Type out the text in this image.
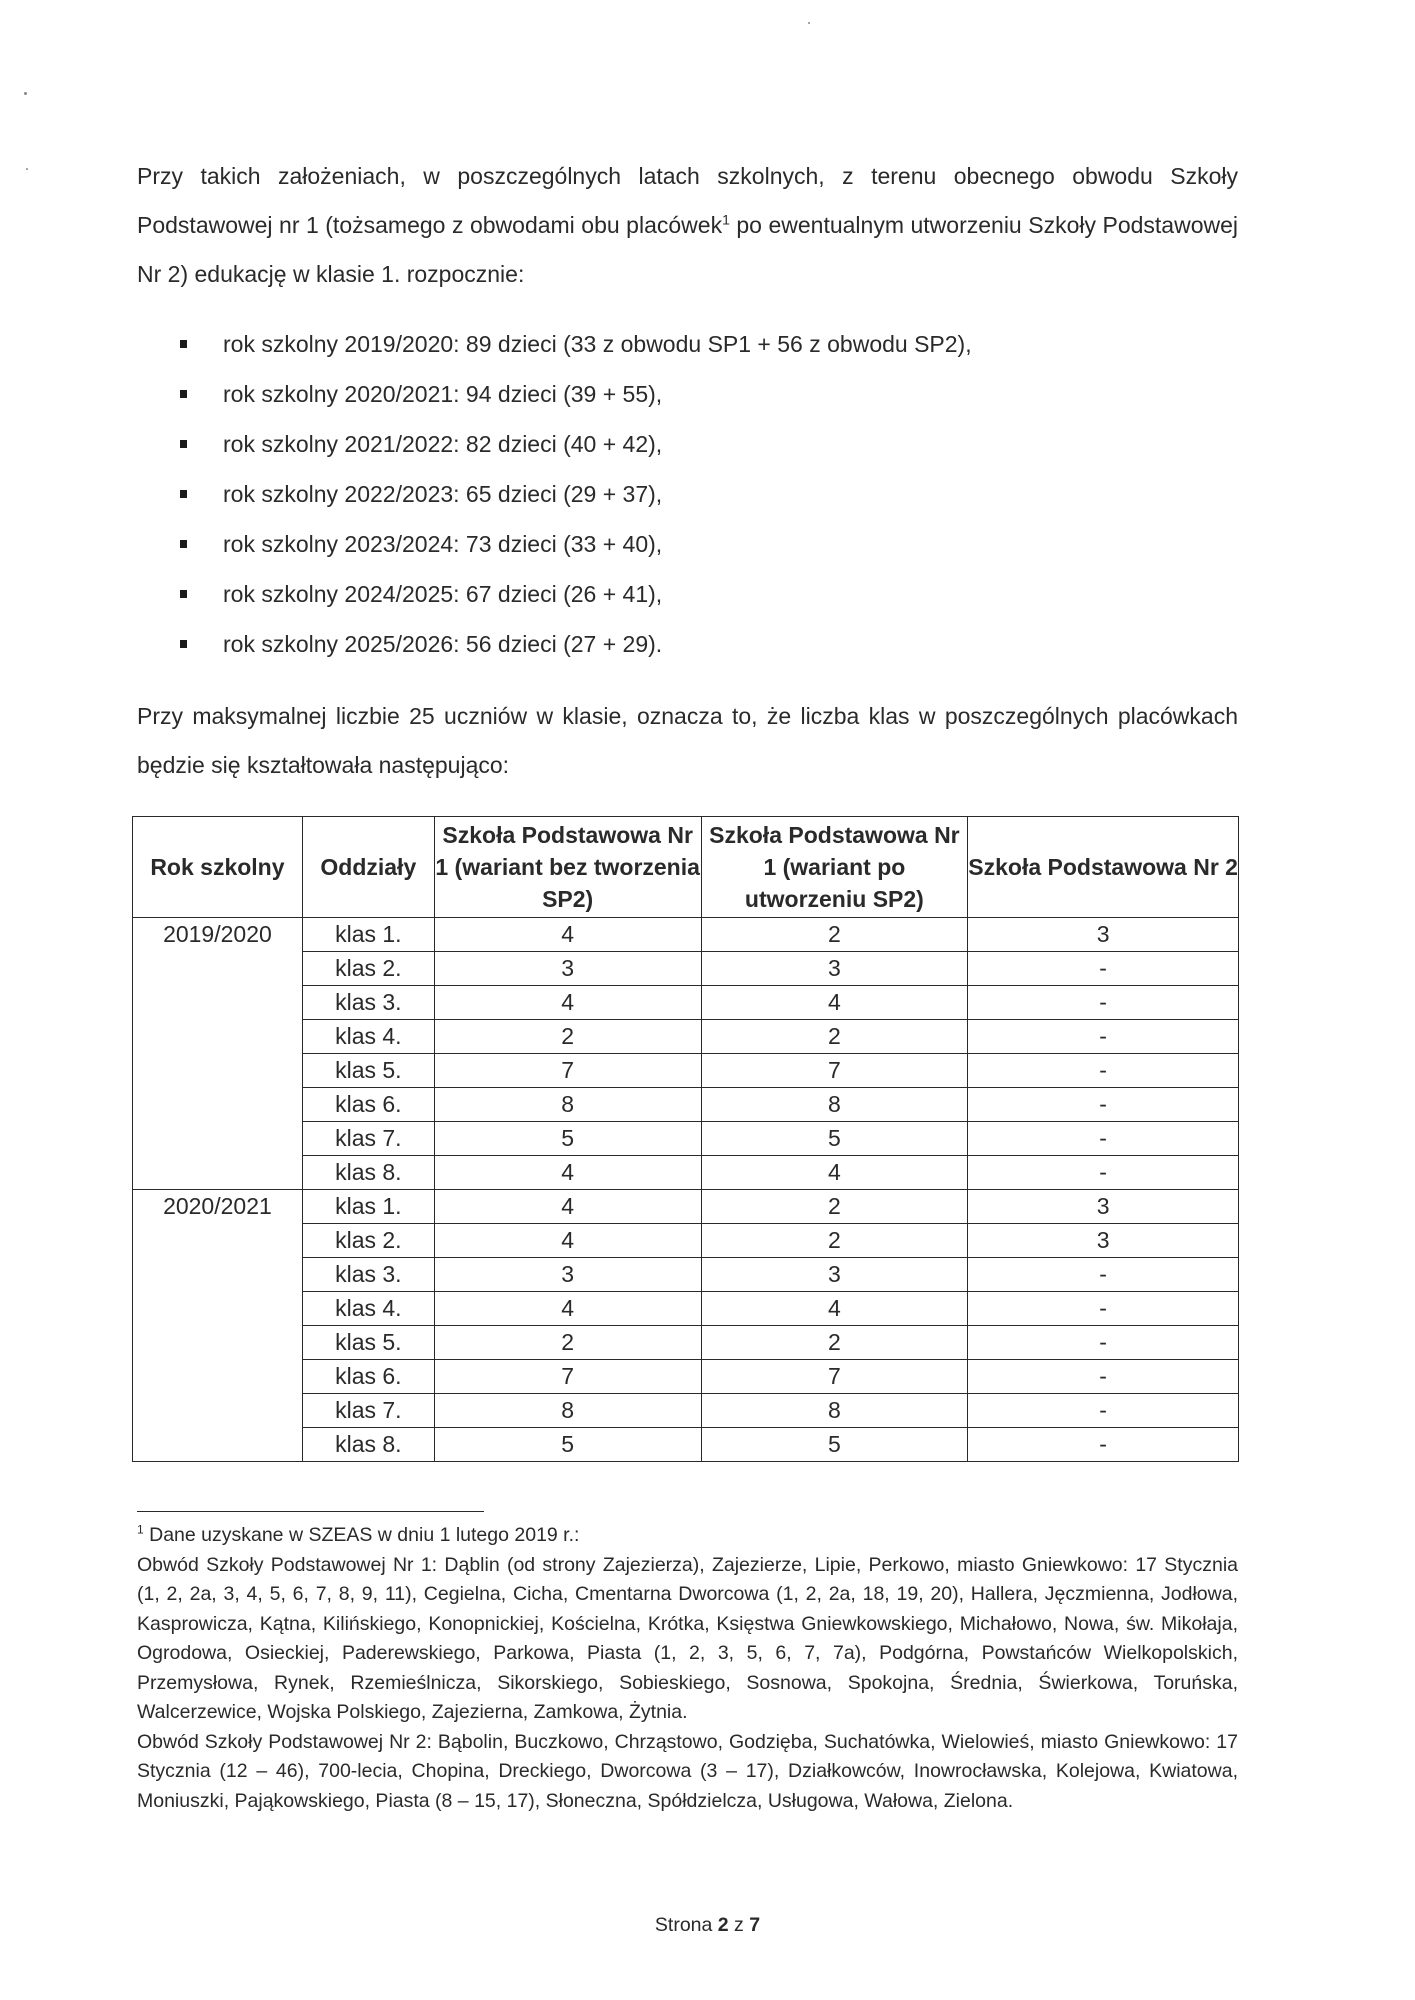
Przy takich założeniach, w poszczególnych latach szkolnych, z terenu obecnego obwodu Szkoły Podstawowej nr 1 (tożsamego z obwodami obu placówek$^1$ po ewentualnym utworzeniu Szkoły Podstawowej Nr 2) edukację w klasie 1. rozpocznie:

rok szkolny 2019/2020: 89 dzieci (33 z obwodu SP1 + 56 z obwodu SP2),
rok szkolny 2020/2021: 94 dzieci (39 + 55),
rok szkolny 2021/2022: 82 dzieci (40 + 42),
rok szkolny 2022/2023: 65 dzieci (29 + 37),
rok szkolny 2023/2024: 73 dzieci (33 + 40),
rok szkolny 2024/2025: 67 dzieci (26 + 41),
rok szkolny 2025/2026: 56 dzieci (27 + 29).

Przy maksymalnej liczbie 25 uczniów w klasie, oznacza to, że liczba klas w poszczególnych placówkach będzie się kształtowała następująco:

Rok szkolny	Oddziały	Szkoła Podstawowa Nr 1 (wariant bez tworzenia SP2)	Szkoła Podstawowa Nr 1 (wariant po utworzeniu SP2)	Szkoła Podstawowa Nr 2
2019/2020	klas 1.	4	2	3
	klas 2.	3	3	-
	klas 3.	4	4	-
	klas 4.	2	2	-
	klas 5.	7	7	-
	klas 6.	8	8	-
	klas 7.	5	5	-
	klas 8.	4	4	-
2020/2021	klas 1.	4	2	3
	klas 2.	4	2	3
	klas 3.	3	3	-
	klas 4.	4	4	-
	klas 5.	2	2	-
	klas 6.	7	7	-
	klas 7.	8	8	-
	klas 8.	5	5	-

$^1$ Dane uzyskane w SZEAS w dniu 1 lutego 2019 r.:

Obwód Szkoły Podstawowej Nr 1: Dąblin (od strony Zajezierza), Zajezierze, Lipie, Perkowo, miasto Gniewkowo: 17 Stycznia (1, 2, 2a, 3, 4, 5, 6, 7, 8, 9, 11), Cegielna, Cicha, Cmentarna Dworcowa (1, 2, 2a, 18, 19, 20), Hallera, Jęczmienna, Jodłowa, Kasprowicza, Kątna, Kilińskiego, Konopnickiej, Kościelna, Krótka, Księstwa Gniewkowskiego, Michałowo, Nowa, św. Mikołaja, Ogrodowa, Osieckiej, Paderewskiego, Parkowa, Piasta (1, 2, 3, 5, 6, 7, 7a), Podgórna, Powstańców Wielkopolskich, Przemysłowa, Rynek, Rzemieślnicza, Sikorskiego, Sobieskiego, Sosnowa, Spokojna, Średnia, Świerkowa, Toruńska, Walcerzewice, Wojska Polskiego, Zajezierna, Zamkowa, Żytnia.

Obwód Szkoły Podstawowej Nr 2: Bąbolin, Buczkowo, Chrząstowo, Godzięba, Suchatówka, Wielowieś, miasto Gniewkowo: 17 Stycznia (12 – 46), 700-lecia, Chopina, Dreckiego, Dworcowa (3 – 17), Działkowców, Inowrocławska, Kolejowa, Kwiatowa, Moniuszki, Pająkowskiego, Piasta (8 – 15, 17), Słoneczna, Spółdzielcza, Usługowa, Wałowa, Zielona.

Strona 2 z 7
